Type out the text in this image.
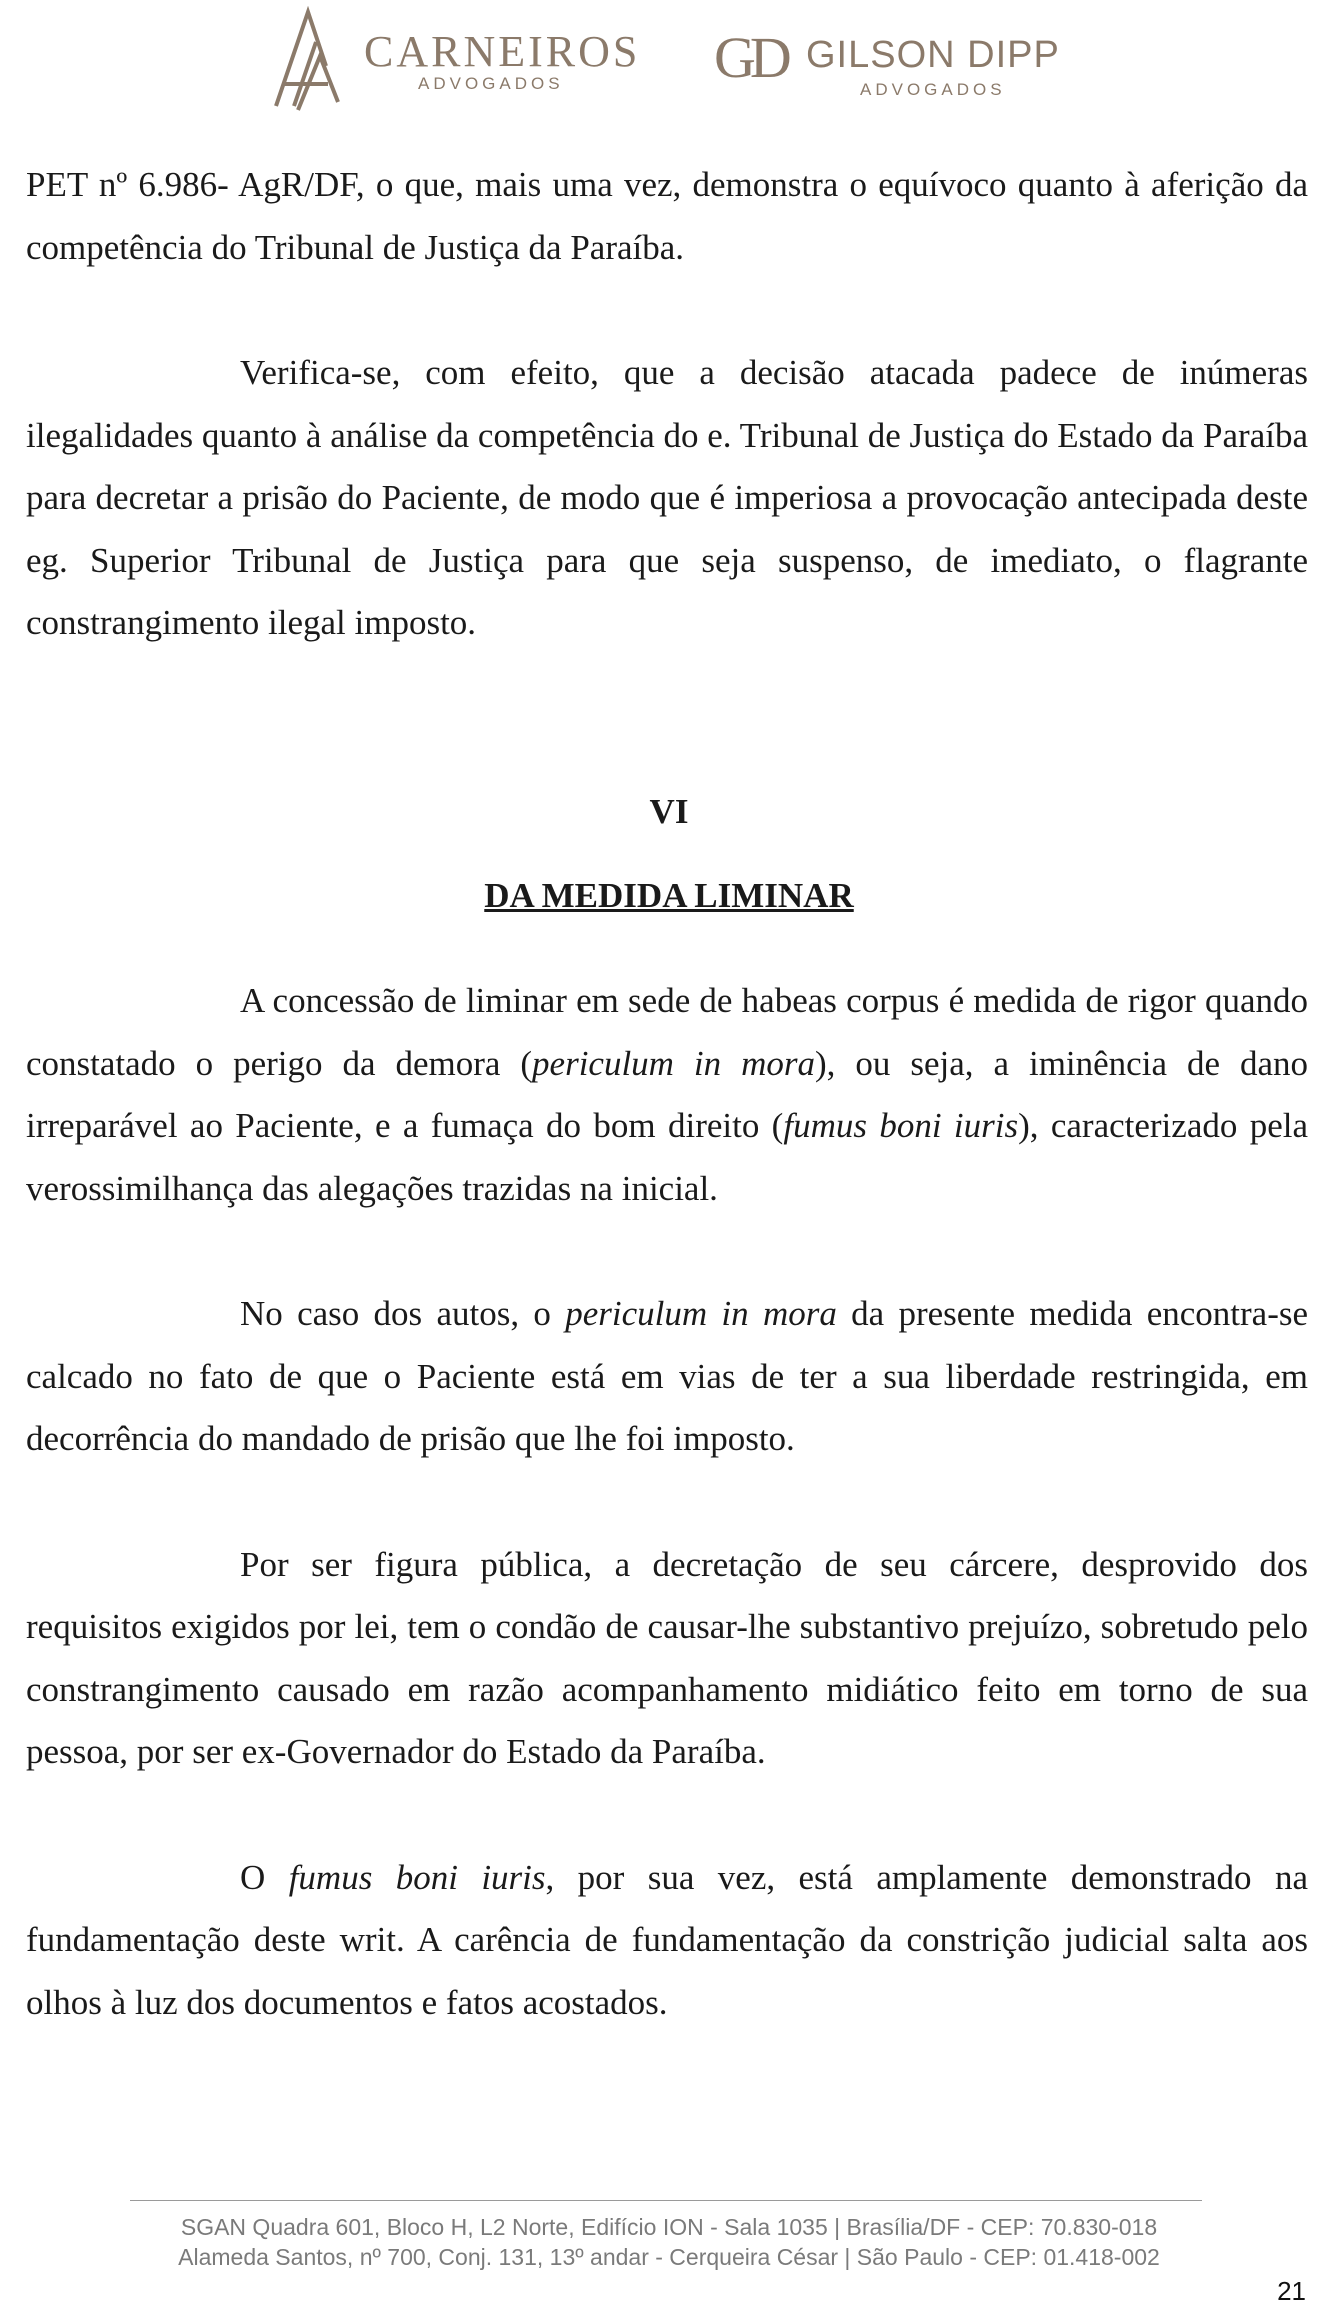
CARNEIROS
ADVOGADOS	GD GILSON DIPP
ADVOGADOS

PET nº 6.986- AgR/DF, o que, mais uma vez, demonstra o equívoco quanto à aferição da competência do Tribunal de Justiça da Paraíba.

Verifica-se, com efeito, que a decisão atacada padece de inúmeras ilegalidades quanto à análise da competência do e. Tribunal de Justiça do Estado da Paraíba para decretar a prisão do Paciente, de modo que é imperiosa a provocação antecipada deste eg. Superior Tribunal de Justiça para que seja suspenso, de imediato, o flagrante constrangimento ilegal imposto.

VI
DA MEDIDA LIMINAR

A concessão de liminar em sede de habeas corpus é medida de rigor quando constatado o perigo da demora (periculum in mora), ou seja, a iminência de dano irreparável ao Paciente, e a fumaça do bom direito (fumus boni iuris), caracterizado pela verossimilhança das alegações trazidas na inicial.

No caso dos autos, o periculum in mora da presente medida encontra-se calcado no fato de que o Paciente está em vias de ter a sua liberdade restringida, em decorrência do mandado de prisão que lhe foi imposto.

Por ser figura pública, a decretação de seu cárcere, desprovido dos requisitos exigidos por lei, tem o condão de causar-lhe substantivo prejuízo, sobretudo pelo constrangimento causado em razão acompanhamento midiático feito em torno de sua pessoa, por ser ex-Governador do Estado da Paraíba.

O fumus boni iuris, por sua vez, está amplamente demonstrado na fundamentação deste writ. A carência de fundamentação da constrição judicial salta aos olhos à luz dos documentos e fatos acostados.

SGAN Quadra 601, Bloco H, L2 Norte, Edifício ION - Sala 1035 | Brasília/DF - CEP: 70.830-018
Alameda Santos, nº 700, Conj. 131, 13º andar - Cerqueira César | São Paulo - CEP: 01.418-002
21
